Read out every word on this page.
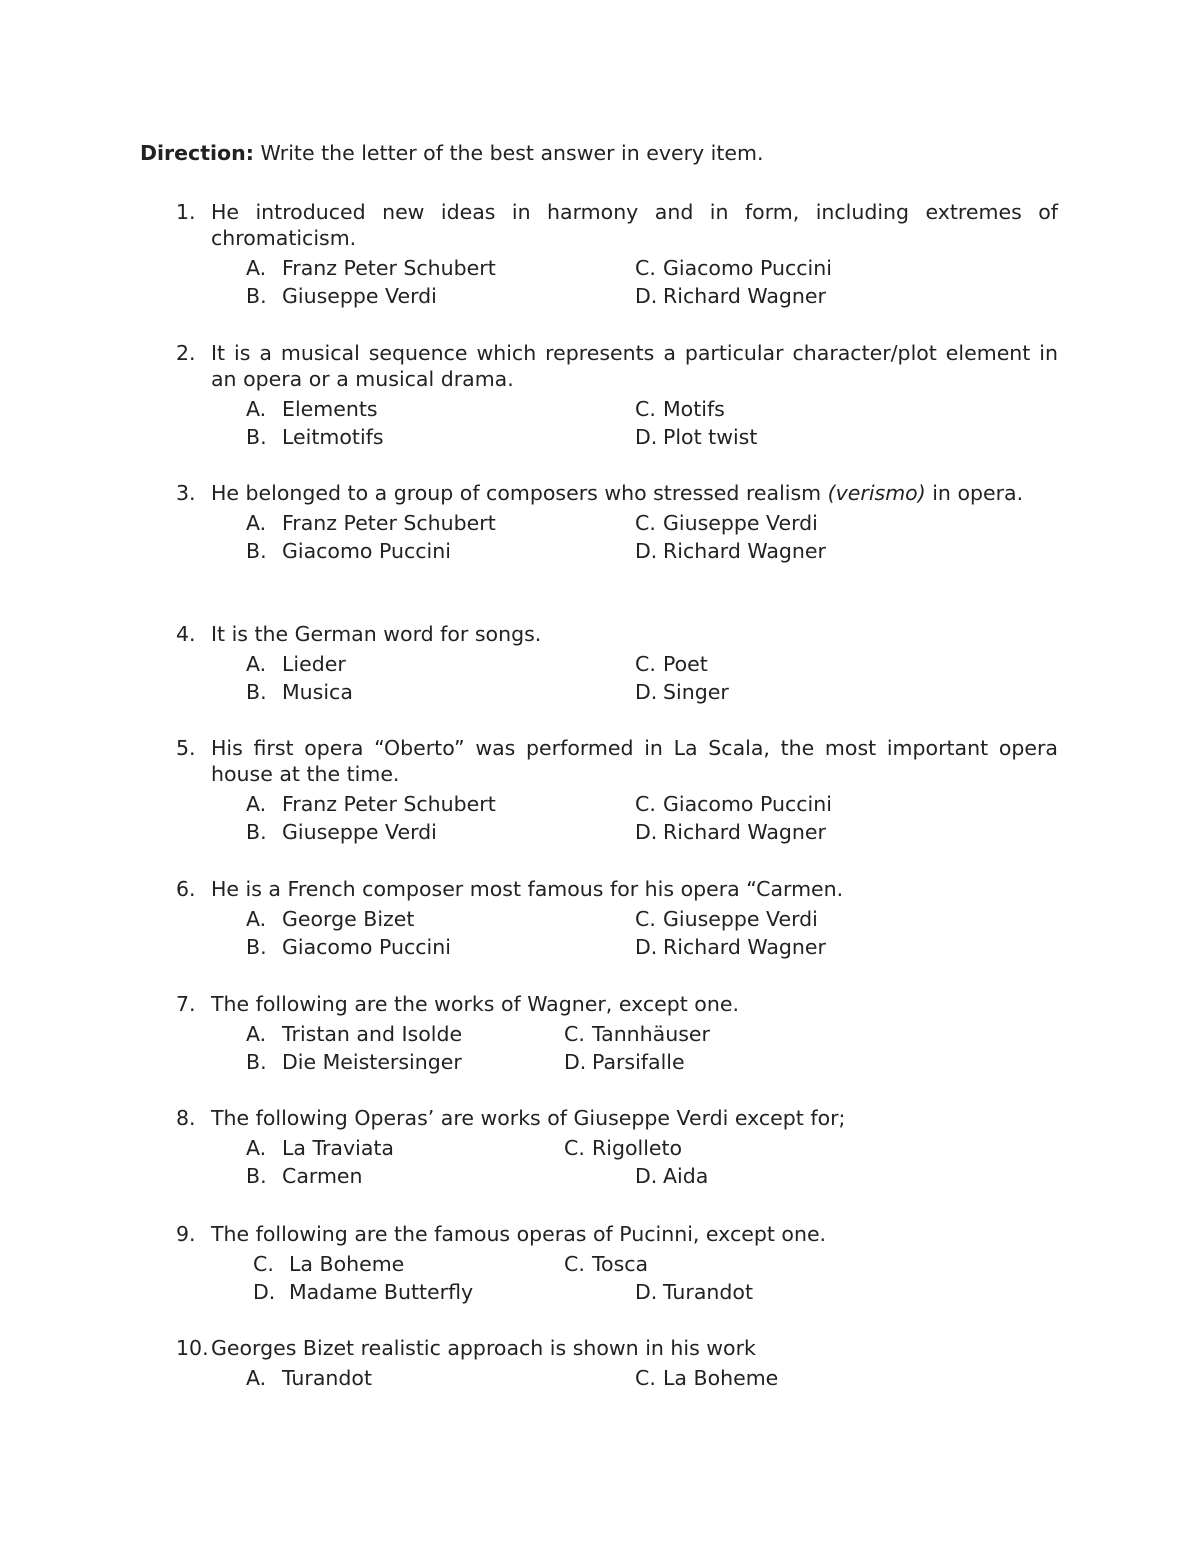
Direction: Write the letter of the best answer in every item.
1. He introduced new ideas in harmony and in form, including extremes of chromaticism.
A. Franz Peter Schubert
B. Giuseppe Verdi
C. Giacomo Puccini
D. Richard Wagner
2. It is a musical sequence which represents a particular character/plot element in an opera or a musical drama.
A. Elements
B. Leitmotifs
C. Motifs
D. Plot twist
3. He belonged to a group of composers who stressed realism (verismo) in opera.
A. Franz Peter Schubert
B. Giacomo Puccini
C. Giuseppe Verdi
D. Richard Wagner
4. It is the German word for songs.
A. Lieder
B. Musica
C. Poet
D. Singer
5. His first opera “Oberto” was performed in La Scala, the most important opera house at the time.
A. Franz Peter Schubert
B. Giuseppe Verdi
C. Giacomo Puccini
D. Richard Wagner
6. He is a French composer most famous for his opera “Carmen.
A. George Bizet
B. Giacomo Puccini
C. Giuseppe Verdi
D. Richard Wagner
7. The following are the works of Wagner, except one.
A. Tristan and Isolde
B. Die Meistersinger
C. Tannhäuser
D. Parsifalle
8. The following Operas’ are works of Giuseppe Verdi except for;
A. La Traviata
B. Carmen
C. Rigolleto
D. Aida
9. The following are the famous operas of Pucinni, except one.
C. La Boheme
D. Madame Butterfly
C. Tosca
D. Turandot
10. Georges Bizet realistic approach is shown in his work
A. Turandot	C. La Boheme
